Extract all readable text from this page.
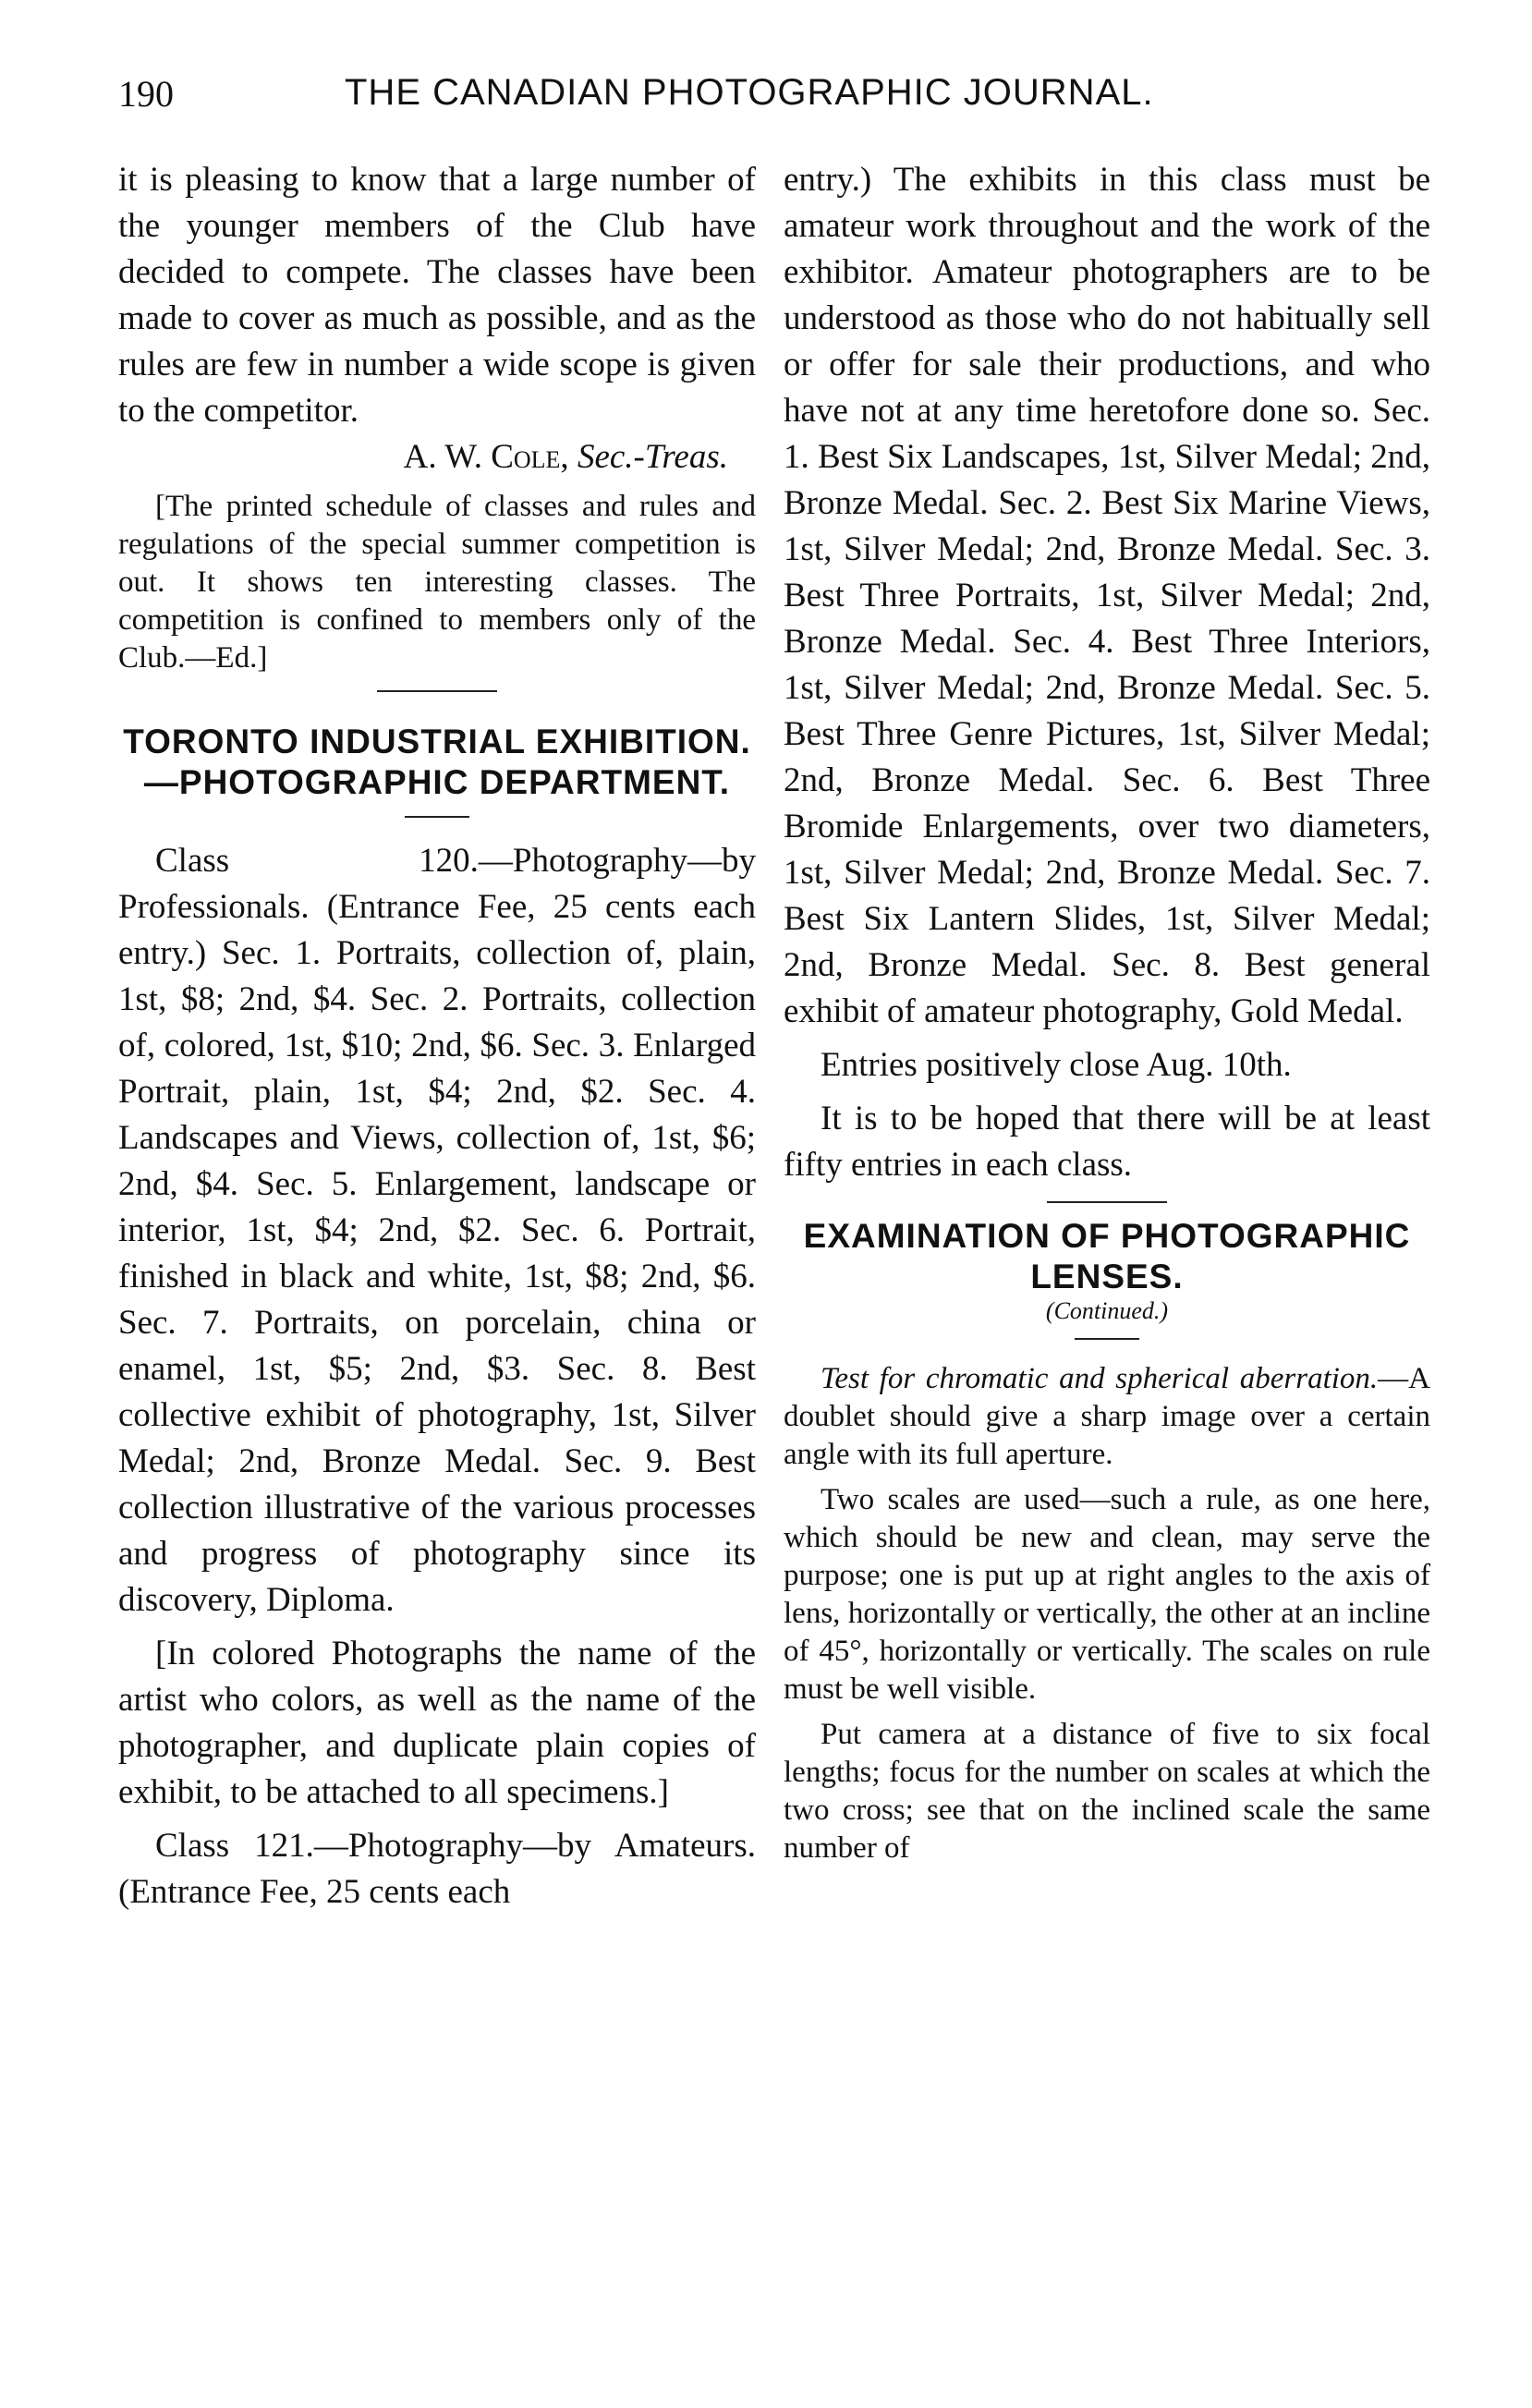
190	THE CANADIAN PHOTOGRAPHIC JOURNAL.

it is pleasing to know that a large number of the younger members of the Club have decided to compete. The classes have been made to cover as much as possible, and as the rules are few in number a wide scope is given to the competitor.

A. W. Cole, Sec.-Treas.

[The printed schedule of classes and rules and regulations of the special summer competition is out. It shows ten interesting classes. The competition is confined to members only of the Club.—Ed.]

TORONTO INDUSTRIAL EXHIBITION.—PHOTOGRAPHIC DEPARTMENT.

Class 120.—Photography—by Professionals. (Entrance Fee, 25 cents each entry.) Sec. 1. Portraits, collection of, plain, 1st, $8; 2nd, $4. Sec. 2. Portraits, collection of, colored, 1st, $10; 2nd, $6. Sec. 3. Enlarged Portrait, plain, 1st, $4; 2nd, $2. Sec. 4. Landscapes and Views, collection of, 1st, $6; 2nd, $4. Sec. 5. Enlargement, landscape or interior, 1st, $4; 2nd, $2. Sec. 6. Portrait, finished in black and white, 1st, $8; 2nd, $6. Sec. 7. Portraits, on porcelain, china or enamel, 1st, $5; 2nd, $3. Sec. 8. Best collective exhibit of photography, 1st, Silver Medal; 2nd, Bronze Medal. Sec. 9. Best collection illustrative of the various processes and progress of photography since its discovery, Diploma.

[In colored Photographs the name of the artist who colors, as well as the name of the photographer, and duplicate plain copies of exhibit, to be attached to all specimens.]

Class 121.—Photography—by Amateurs. (Entrance Fee, 25 cents each

entry.) The exhibits in this class must be amateur work throughout and the work of the exhibitor. Amateur photographers are to be understood as those who do not habitually sell or offer for sale their productions, and who have not at any time heretofore done so. Sec. 1. Best Six Landscapes, 1st, Silver Medal; 2nd, Bronze Medal. Sec. 2. Best Six Marine Views, 1st, Silver Medal; 2nd, Bronze Medal. Sec. 3. Best Three Portraits, 1st, Silver Medal; 2nd, Bronze Medal. Sec. 4. Best Three Interiors, 1st, Silver Medal; 2nd, Bronze Medal. Sec. 5. Best Three Genre Pictures, 1st, Silver Medal; 2nd, Bronze Medal. Sec. 6. Best Three Bromide Enlargements, over two diameters, 1st, Silver Medal; 2nd, Bronze Medal. Sec. 7. Best Six Lantern Slides, 1st, Silver Medal; 2nd, Bronze Medal. Sec. 8. Best general exhibit of amateur photography, Gold Medal.

Entries positively close Aug. 10th.

It is to be hoped that there will be at least fifty entries in each class.

EXAMINATION OF PHOTOGRAPHIC LENSES.
(Continued.)

Test for chromatic and spherical aberration.—A doublet should give a sharp image over a certain angle with its full aperture.

Two scales are used—such a rule, as one here, which should be new and clean, may serve the purpose; one is put up at right angles to the axis of lens, horizontally or vertically, the other at an incline of 45°, horizontally or vertically. The scales on rule must be well visible.

Put camera at a distance of five to six focal lengths; focus for the number on scales at which the two cross; see that on the inclined scale the same number of
